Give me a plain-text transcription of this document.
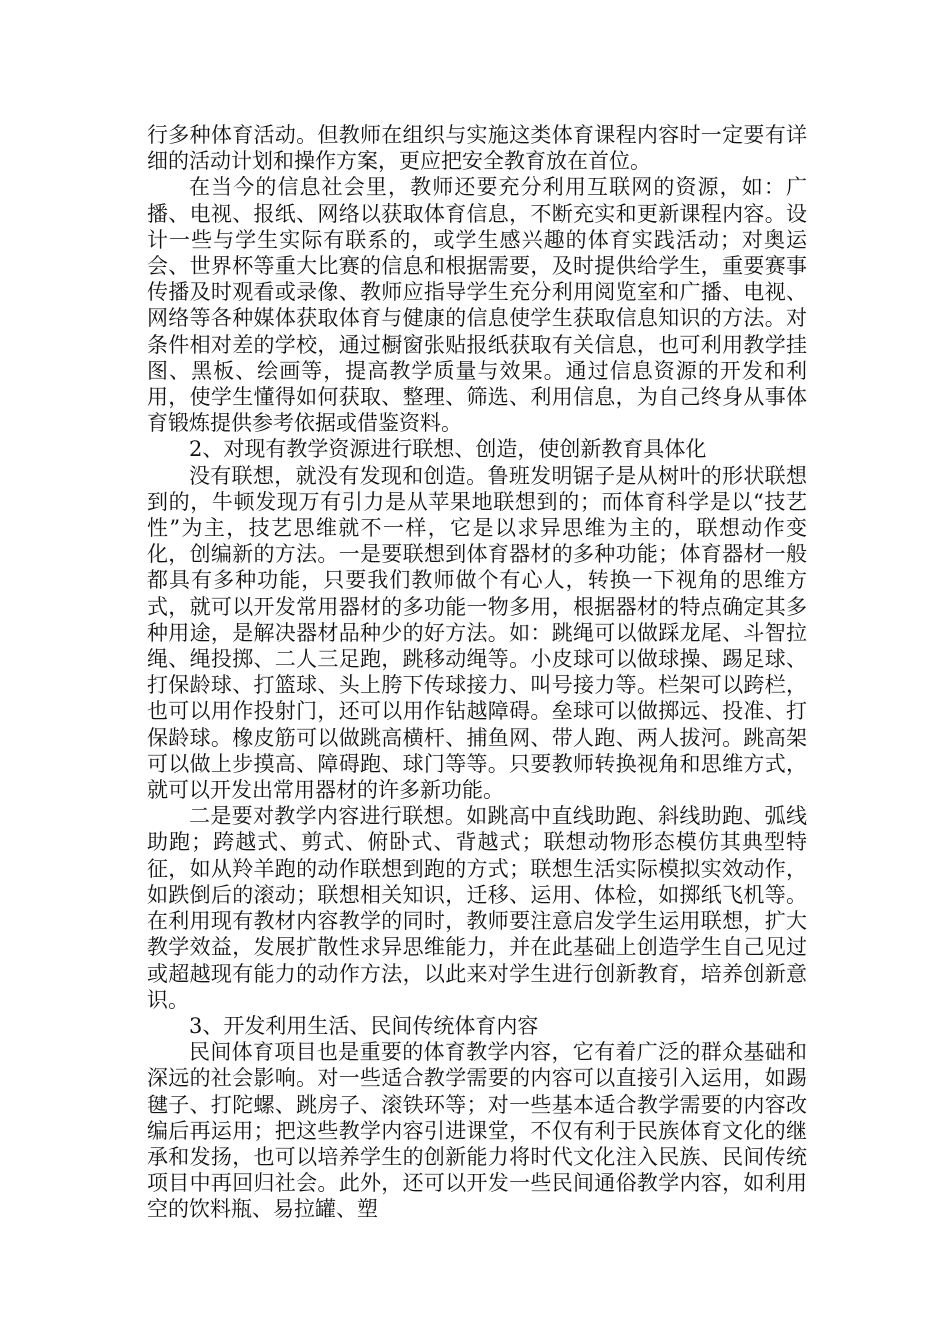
行多种体育活动。但教师在组织与实施这类体育课程内容时一定要有详细的活动计划和操作方案，更应把安全教育放在首位。

在当今的信息社会里，教师还要充分利用互联网的资源，如：广播、电视、报纸、网络以获取体育信息，不断充实和更新课程内容。设计一些与学生实际有联系的，或学生感兴趣的体育实践活动；对奥运会、世界杯等重大比赛的信息和根据需要，及时提供给学生，重要赛事传播及时观看或录像、教师应指导学生充分利用阅览室和广播、电视、网络等各种媒体获取体育与健康的信息使学生获取信息知识的方法。对条件相对差的学校，通过橱窗张贴报纸获取有关信息，也可利用教学挂图、黑板、绘画等，提高教学质量与效果。通过信息资源的开发和利用，使学生懂得如何获取、整理、筛选、利用信息，为自己终身从事体育锻炼提供参考依据或借鉴资料。

2、对现有教学资源进行联想、创造，使创新教育具体化

没有联想，就没有发现和创造。鲁班发明锯子是从树叶的形状联想到的，牛顿发现万有引力是从苹果地联想到的；而体育科学是以“技艺性”为主，技艺思维就不一样，它是以求异思维为主的，联想动作变化，创编新的方法。一是要联想到体育器材的多种功能；体育器材一般都具有多种功能，只要我们教师做个有心人，转换一下视角的思维方式，就可以开发常用器材的多功能一物多用，根据器材的特点确定其多种用途，是解决器材品种少的好方法。如：跳绳可以做踩龙尾、斗智拉绳、绳投掷、二人三足跑，跳移动绳等。小皮球可以做球操、踢足球、打保龄球、打篮球、头上胯下传球接力、叫号接力等。栏架可以跨栏，也可以用作投射门，还可以用作钻越障碍。垒球可以做掷远、投准、打保龄球。橡皮筋可以做跳高横杆、捕鱼网、带人跑、两人拔河。跳高架可以做上步摸高、障碍跑、球门等等。只要教师转换视角和思维方式，就可以开发出常用器材的许多新功能。

二是要对教学内容进行联想。如跳高中直线助跑、斜线助跑、弧线助跑；跨越式、剪式、俯卧式、背越式；联想动物形态模仿其典型特征，如从羚羊跑的动作联想到跑的方式；联想生活实际模拟实效动作，如跌倒后的滚动；联想相关知识，迁移、运用、体检，如掷纸飞机等。在利用现有教材内容教学的同时，教师要注意启发学生运用联想，扩大教学效益，发展扩散性求异思维能力，并在此基础上创造学生自己见过或超越现有能力的动作方法，以此来对学生进行创新教育，培养创新意识。

3、开发利用生活、民间传统体育内容

民间体育项目也是重要的体育教学内容，它有着广泛的群众基础和深远的社会影响。对一些适合教学需要的内容可以直接引入运用，如踢毽子、打陀螺、跳房子、滚铁环等；对一些基本适合教学需要的内容改编后再运用；把这些教学内容引进课堂，不仅有利于民族体育文化的继承和发扬，也可以培养学生的创新能力将时代文化注入民族、民间传统项目中再回归社会。此外，还可以开发一些民间通俗教学内容，如利用空的饮料瓶、易拉罐、塑
